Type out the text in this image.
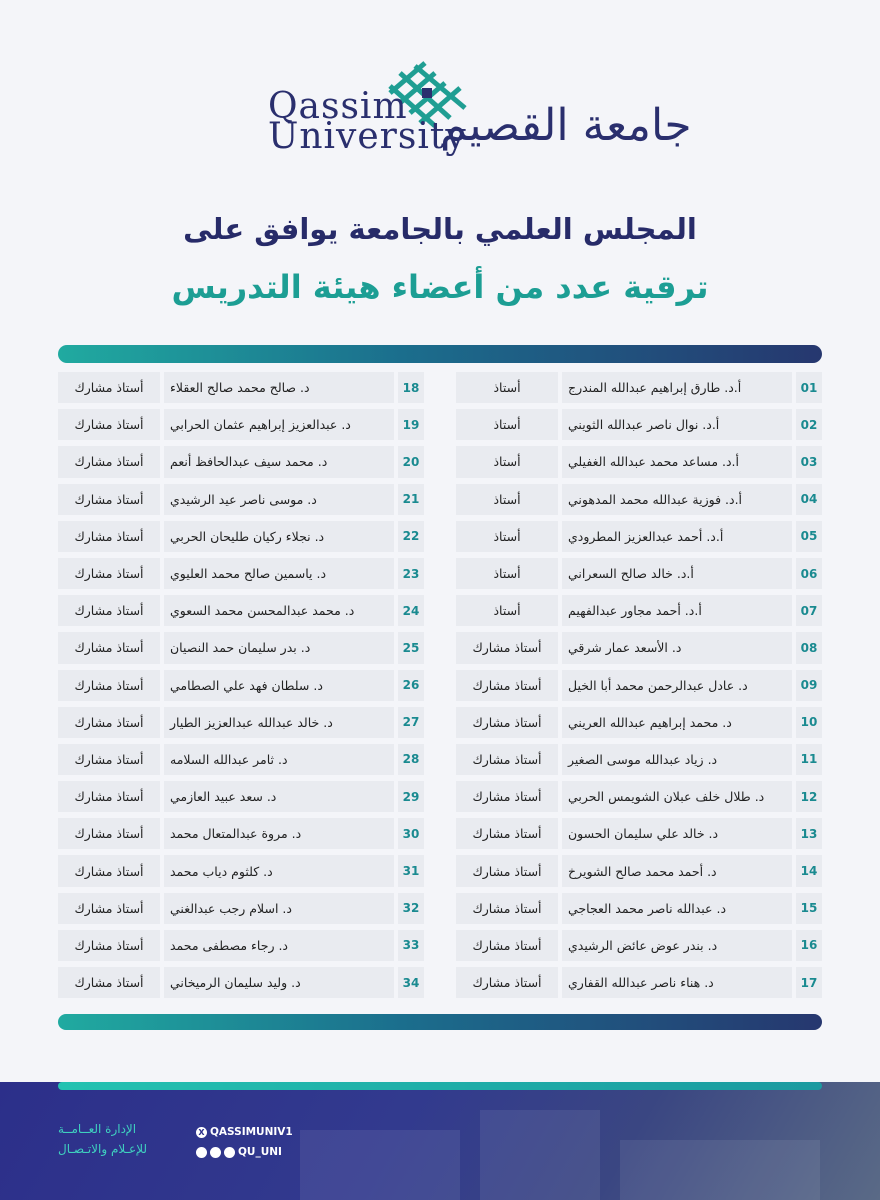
Qassim
University
جامعة القصيم
المجلس العلمي بالجامعة يوافق على
ترقية عدد من أعضاء هيئة التدريس
01
أ.د. طارق إبراهيم عبدالله المندرج
أستاذ
02
أ.د. نوال ناصر عبدالله الثويني
أستاذ
03
أ.د. مساعد محمد عبدالله الغفيلي
أستاذ
04
أ.د. فوزية عبدالله محمد المدهوني
أستاذ
05
أ.د. أحمد عبدالعزيز المطرودي
أستاذ
06
أ.د. خالد صالح السعراني
أستاذ
07
أ.د. أحمد مجاور عبدالفهيم
أستاذ
08
د. الأسعد عمار شرقي
أستاذ مشارك
09
د. عادل عبدالرحمن محمد أبا الخيل
أستاذ مشارك
10
د. محمد إبراهيم عبدالله العريني
أستاذ مشارك
11
د. زياد عبدالله موسى الصغير
أستاذ مشارك
12
د. طلال خلف عبلان الشويمس الحربي
أستاذ مشارك
13
د. خالد علي سليمان الحسون
أستاذ مشارك
14
د. أحمد محمد صالح الشويرخ
أستاذ مشارك
15
د. عبدالله ناصر محمد العجاجي
أستاذ مشارك
16
د. بندر عوض عائض الرشيدي
أستاذ مشارك
17
د. هناء ناصر عبدالله القفاري
أستاذ مشارك
18
د. صالح محمد صالح العقلاء
أستاذ مشارك
19
د. عبدالعزيز إبراهيم عثمان الحرابي
أستاذ مشارك
20
د. محمد سيف عبدالحافظ أنعم
أستاذ مشارك
21
د. موسى ناصر عيد الرشيدي
أستاذ مشارك
22
د. نجلاء ركيان طليحان الحربي
أستاذ مشارك
23
د. ياسمين صالح محمد العليوي
أستاذ مشارك
24
د. محمد عبدالمحسن محمد السعوي
أستاذ مشارك
25
د. بدر سليمان حمد النصيان
أستاذ مشارك
26
د. سلطان فهد علي الصطامي
أستاذ مشارك
27
د. خالد عبدالله عبدالعزيز الطيار
أستاذ مشارك
28
د. ثامر عبدالله السلامه
أستاذ مشارك
29
د. سعد عبيد العازمي
أستاذ مشارك
30
د. مروة عبدالمتعال محمد
أستاذ مشارك
31
د. كلثوم دياب محمد
أستاذ مشارك
32
د. اسلام رجب عبدالغني
أستاذ مشارك
33
د. رجاء مصطفى محمد
أستاذ مشارك
34
د. وليد سليمان الرميخاني
أستاذ مشارك
الإدارة العــامــة
للإعـلام والاتـصـال
X QASSIMUNIV1
QU_UNI
